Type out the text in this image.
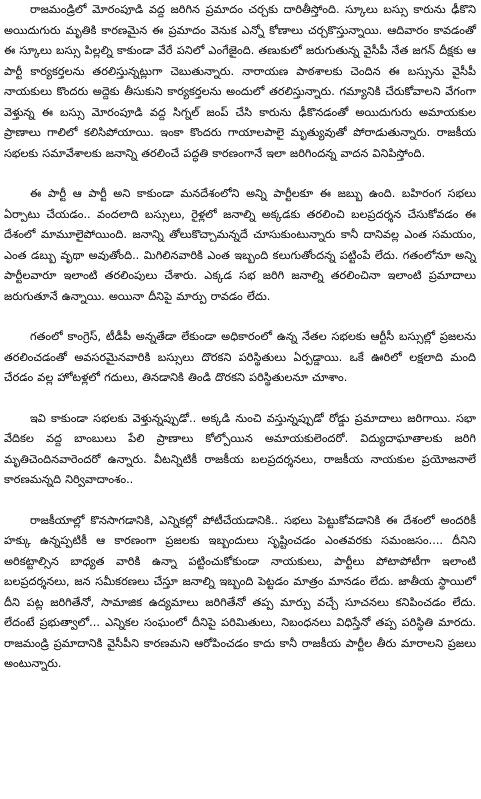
రాజమండ్రిలో మోరంపూడి వద్ద జరిగిన ప్రమాదం చర్చకు దారితీస్తోంది. స్కూలు బస్సు కారును ఢీకొని అయిదుగురు మృతికి కారణమైన ఈ ప్రమాదం వెనుక ఎన్నో కోణాలు చర్చకొస్తున్నాయి. ఆదివారం కావడంతో ఈ స్కూలు బస్సు పిల్లల్ని కాకుండా వేరే పనిలో ఎంగేజైంది. తణుకులో జరుగుతున్న వైసీపీ నేత జగన్ దీక్షకు ఆ పార్టీ కార్యకర్తలను తరలిస్తున్నట్లుగా చెబుతున్నారు. నారాయణ పాఠశాలకు చెందిన ఈ బస్సును వైసీపీ నాయకులు కొందరు అద్దెకు తీసుకుని కార్యకర్తలను అందులో తరలిస్తున్నారు. గమ్యానికి చేరుకోవాలని వేగంగా వెళ్తున్న ఈ బస్సు మోరంపూడి వద్ద సిగ్నల్ జంప్ చేసి కారును ఢీకొనడంతో అయిదుగురు అమాయకుల ప్రాణాలు గాలిలో కలిసిపోయాయి. ఇంకా కొందరు గాయాలపాలై మృత్యువుతో పోరాడుతున్నారు. రాజకీయ సభలకు సమావేశాలకు జనాన్ని తరలించే పద్ధతి కారణంగానే ఇలా జరిగిందన్న వాదన వినిపిస్తోంది.

ఈ పార్టీ ఆ పార్టీ అని కాకుండా మనదేశంలోని అన్ని పార్టీలకూ ఈ జబ్బు ఉంది. బహిరంగ సభలు ఏర్పాటు చేయడం.. వందలాది బస్సులు, రైళ్లలో జనాల్ని అక్కడకు తరలించి బలప్రదర్శన చేసుకోవడం ఈ దేశంలో మామూలైపోయింది. జనాన్ని తోలుకొచ్చామన్నదే చూసుకుంటున్నారు కానీ దానివల్ల ఎంత సమయం, ఎంత డబ్బు వృథా అవుతోంది.. మిగిలినవారికి ఎంత ఇబ్బంది కలుగుతోందన్న పట్టింపే లేదు. గతంలోనూ అన్ని పార్టీలవారూ ఇలాంటి తరలింపులు చేశారు. ఎక్కడ సభ జరిగి జనాల్ని తరలించినా ఇలాంటి ప్రమాదాలు జరుగుతూనే ఉన్నాయి. అయినా దీనిపై మార్పు రావడం లేదు.

గతంలో కాంగ్రెస్, టీడీపీ అన్నతేడా లేకుండా అధికారంలో ఉన్న నేతల సభలకు ఆర్టీసీ బస్సుల్లో ప్రజలను తరలించడంతో అవసరమైనవారికి బస్సులు దొరకని పరిస్థితులు ఏర్పడ్డాయి. ఒకే ఊరిలో లక్షలాది మంది చేరడం వల్ల హోటళ్లలో గదులు, తినడానికి తిండి దొరకని పరిస్థితులనూ చూశాం.

ఇవి కాకుండా సభలకు వెళ్తున్నప్పుడో.. అక్కడి నుంచి వస్తున్నప్పుడో రోడ్డు ప్రమాదాలు జరిగాయి. సభా వేదికల వద్ద బాంబులు పేలి ప్రాణాలు కోల్పోయిన అమాయకులెందరో. విద్యుదాఘాతాలకు జరిగి మృతిచెందినవారెందరో ఉన్నారు. వీటన్నిటికీ రాజకీయ బలప్రదర్శనలు, రాజకీయ నాయకుల ప్రయోజనాలే కారణమన్నది నిర్వివాదాంశం..

రాజకీయాల్లో కొనసాగడానికి, ఎన్నికల్లో పోటీచేయడానికి.. సభలు పెట్టుకోవడానికి ఈ దేశంలో అందరికీ హక్కు ఉన్నప్పటికీ ఆ కారణంగా ప్రజలకు ఇబ్బందులు సృష్టించడం ఎంతవరకు సమంజసం.... దీనిని అరికట్టాల్సిన బాధ్యత వారికి ఉన్నా పట్టించుకోకుండా నాయకులు, పార్టీలు పోటాపోటీగా ఇలాంటి బలప్రదర్శనలు, జన సమీకరణలు చేస్తూ జనాల్ని ఇబ్బంది పెట్టడం మాత్రం మానడం లేదు. జాతీయ స్థాయిలో దీని పట్ల జరిగితేనో, సామాజిక ఉద్యమాలు జరిగితేనో తప్ప మార్పు వచ్చే సూచనలు కనిపించడం లేదు. లేదంటే ప్రభుత్వాలో... ఎన్నికల సంఘంలో దీనిపై పరిమితులు, నిబంధనలు విధిస్తేనో తప్ప పరిస్థితి మారదు. రాజమండ్రి ప్రమాదానికి వైసీపీని కారణమని ఆరోపించడం కాదు కానీ రాజకీయ పార్టీల తీరు మారాలని ప్రజలు అంటున్నారు.
